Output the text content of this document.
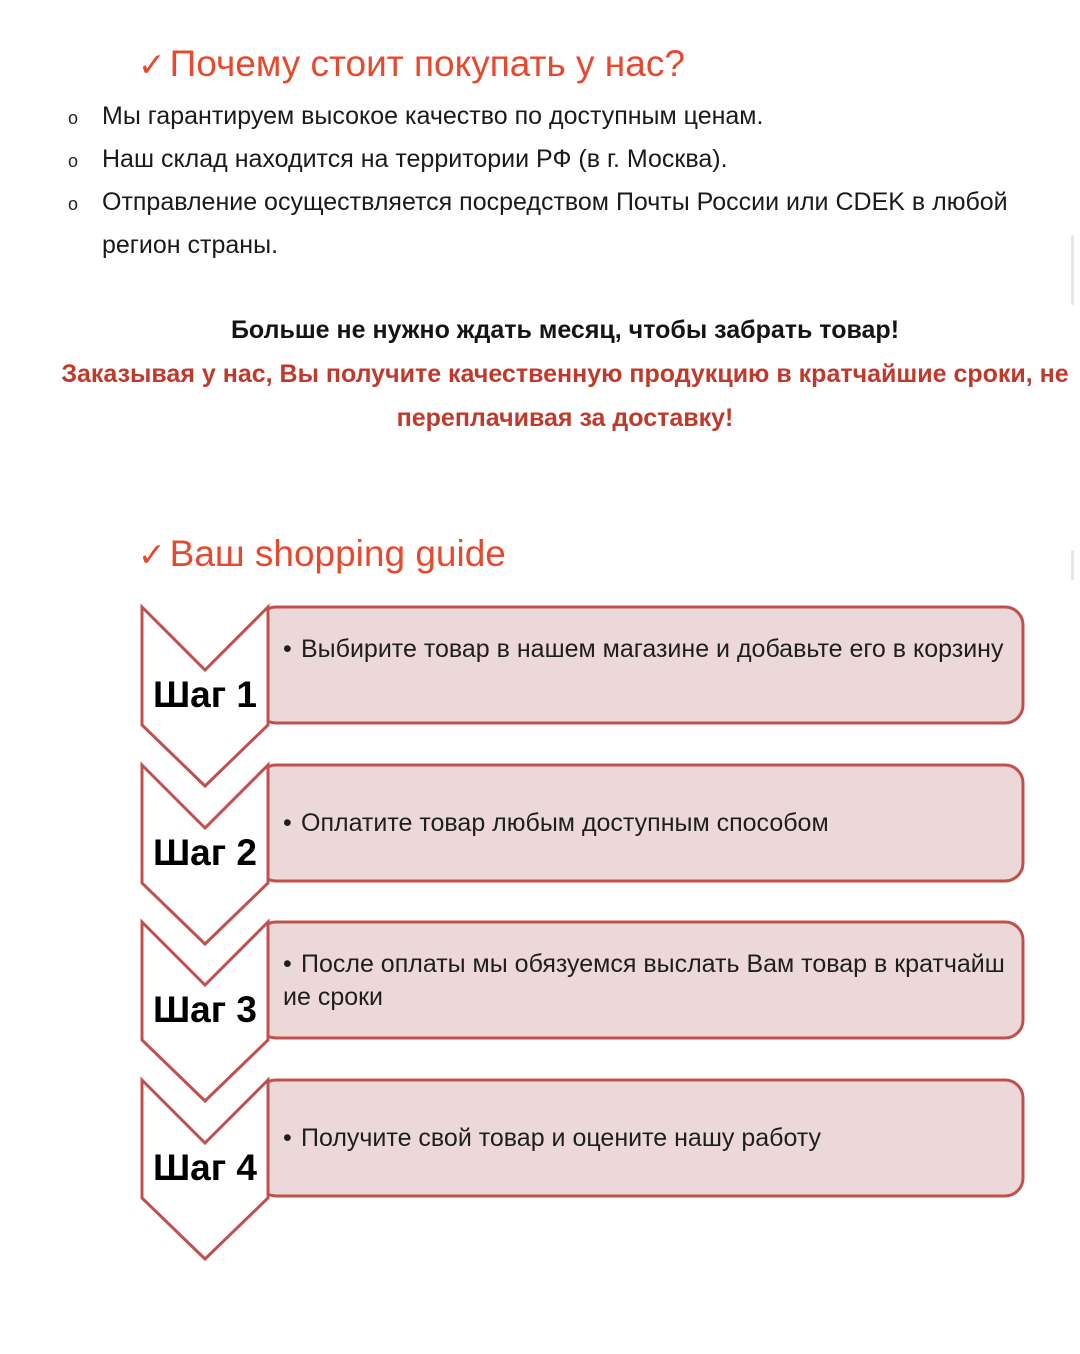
✓ Почему стоит покупать у нас?
o Мы гарантируем высокое качество по доступным ценам.
o Наш склад находится на территории РФ (в г. Москва).
o Отправление осуществляется посредством Почты России или CDEK в любой регион страны.
Больше не нужно ждать месяц, чтобы забрать товар!
Заказывая у нас, Вы получите качественную продукцию в кратчайшие сроки, не переплачивая за доставку!
✓ Ваш shopping guide
Шаг 1
Шаг 2
Шаг 3
Шаг 4
• Выбирите товар в нашем магазине и добавьте его в корзину
• Оплатите товар любым доступным способом
• После оплаты мы обязуемся выслать Вам товар в кратчайшие сроки
• Получите свой товар и оцените нашу работу
